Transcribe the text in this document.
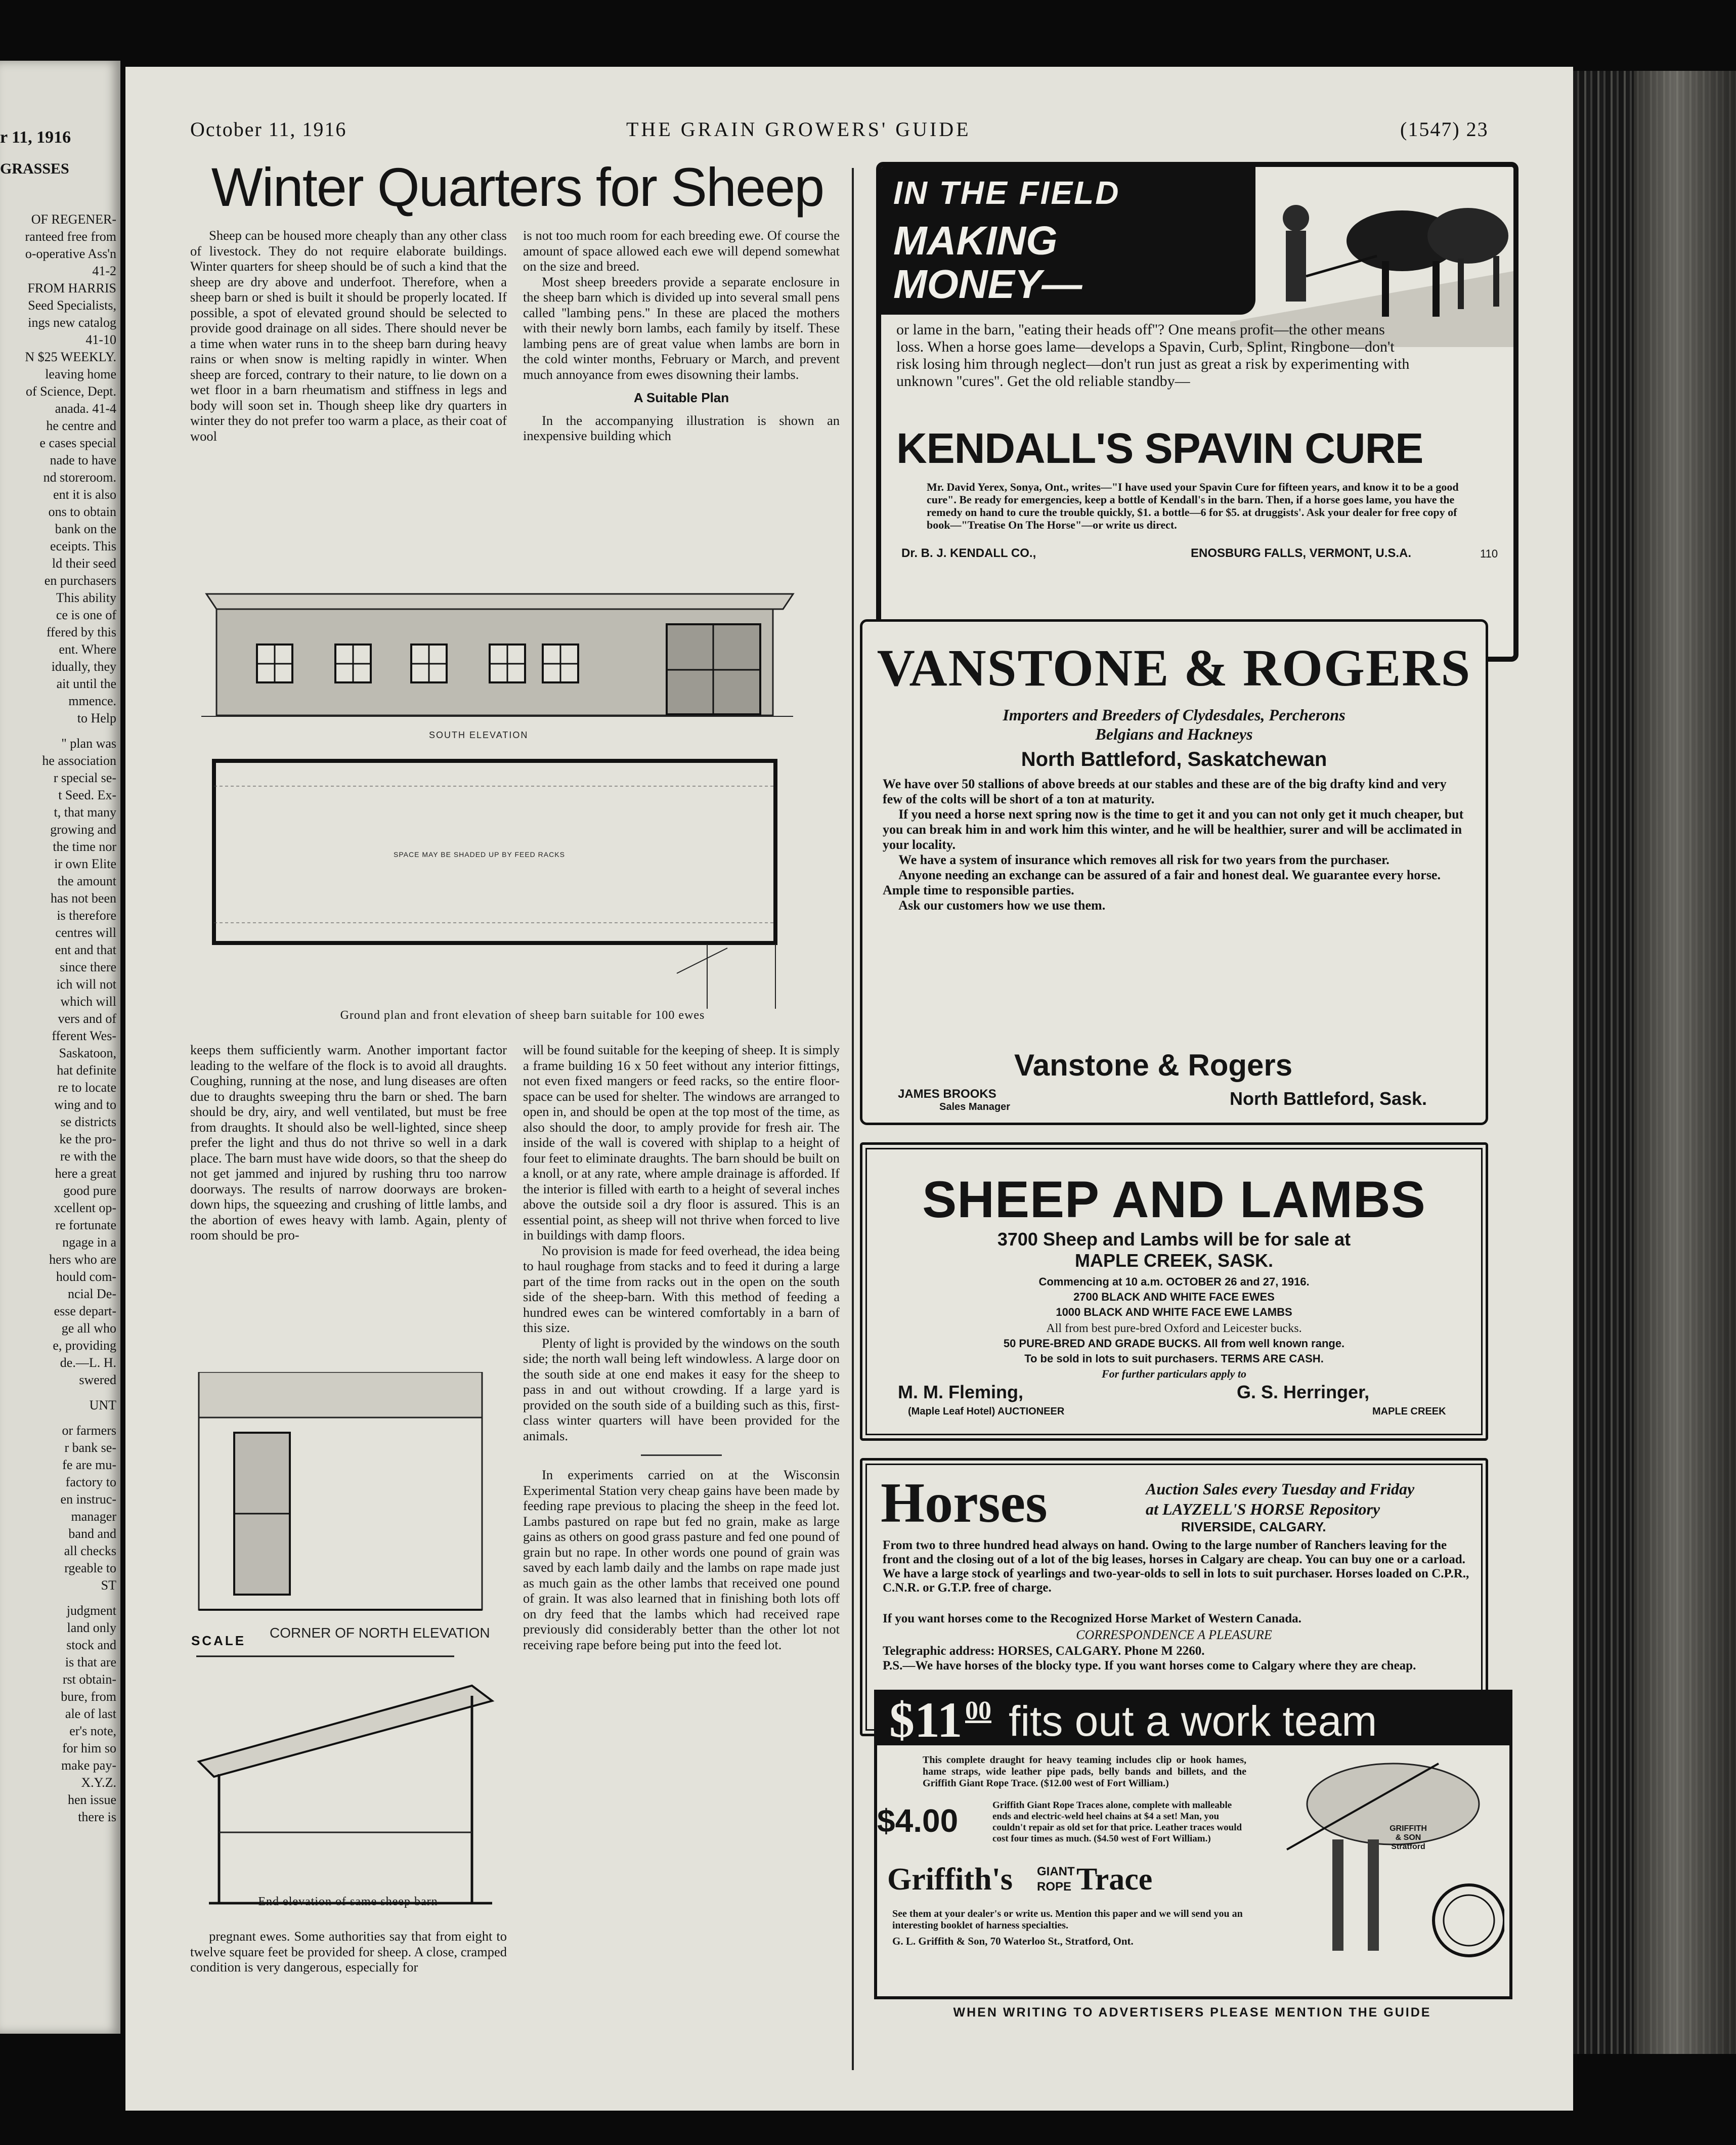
r 11, 1916
GRASSES
OF REGENER-
ranteed free from
o-operative Ass'n
41-2
FROM HARRIS
Seed Specialists,
ings new catalog
41-10
N $25 WEEKLY.
leaving home
of Science, Dept.
anada. 41-4
he centre and
e cases special
nade to have
nd storeroom.
ent it is also
ons to obtain
bank on the
eceipts. This
ld their seed
en purchasers
This ability
ce is one of
ffered by this
ent. Where
idually, they
ait until the
mmence.
to Help
" plan was
he association
r special se-
t Seed. Ex-
t, that many
growing and
the time nor
ir own Elite
the amount
has not been
is therefore
centres will
ent and that
since there
ich will not
which will
vers and of
fferent Wes-
Saskatoon,
hat definite
re to locate
wing and to
se districts
ke the pro-
re with the
here a great
good pure
xcellent op-
re fortunate
ngage in a
hers who are
hould com-
ncial De-
esse depart-
ge all who
e, providing
de.—L. H.
swered
UNT
or farmers
r bank se-
fe are mu-
factory to
en instruc-
manager
band and
all checks
rgeable to
ST
judgment
land only
stock and
is that are
rst obtain-
bure, from
ale of last
er's note,
for him so
make pay-
X.Y.Z.
hen issue
there is
October 11, 1916	THE GRAIN GROWERS' GUIDE	(1547) 23
Winter Quarters for Sheep

Sheep can be housed more cheaply than any other class of livestock. They do not require elaborate buildings. Winter quarters for sheep should be of such a kind that the sheep are dry above and underfoot. Therefore, when a sheep barn or shed is built it should be properly located. If possible, a spot of elevated ground should be selected to provide good drainage on all sides. There should never be a time when water runs in to the sheep barn during heavy rains or when snow is melting rapidly in winter. When sheep are forced, contrary to their nature, to lie down on a wet floor in a barn rheumatism and stiffness in legs and body will soon set in. Though sheep like dry quarters in winter they do not prefer too warm a place, as their coat of wool

is not too much room for each breeding ewe. Of course the amount of space allowed each ewe will depend somewhat on the size and breed.

Most sheep breeders provide a separate enclosure in the sheep barn which is divided up into several small pens called ''lambing pens.'' In these are placed the mothers with their newly born lambs, each family by itself. These lambing pens are of great value when lambs are born in the cold winter months, February or March, and prevent much annoyance from ewes disowning their lambs.

A Suitable Plan

In the accompanying illustration is shown an inexpensive building which

SOUTH ELEVATION
SPACE MAY BE SHADED UP BY FEED RACKS
Ground plan and front elevation of sheep barn suitable for 100 ewes

keeps them sufficiently warm. Another important factor leading to the welfare of the flock is to avoid all draughts. Coughing, running at the nose, and lung diseases are often due to draughts sweeping thru the barn or shed. The barn should be dry, airy, and well ventilated, but must be free from draughts. It should also be well-lighted, since sheep prefer the light and thus do not thrive so well in a dark place. The barn must have wide doors, so that the sheep do not get jammed and injured by rushing thru too narrow doorways. The results of narrow doorways are broken-down hips, the squeezing and crushing of little lambs, and the abortion of ewes heavy with lamb. Again, plenty of room should be pro-

CORNER OF NORTH ELEVATION
SCALE
End elevation of same sheep barn

pregnant ewes. Some authorities say that from eight to twelve square feet be provided for sheep. A close, cramped condition is very dangerous, especially for

will be found suitable for the keeping of sheep. It is simply a frame building 16 x 50 feet without any interior fittings, not even fixed mangers or feed racks, so the entire floor-space can be used for shelter. The windows are arranged to open in, and should be open at the top most of the time, as also should the door, to amply provide for fresh air. The inside of the wall is covered with shiplap to a height of four feet to eliminate draughts. The barn should be built on a knoll, or at any rate, where ample drainage is afforded. If the interior is filled with earth to a height of several inches above the outside soil a dry floor is assured. This is an essential point, as sheep will not thrive when forced to live in buildings with damp floors.

No provision is made for feed overhead, the idea being to haul roughage from stacks and to feed it during a large part of the time from racks out in the open on the south side of the sheep-barn. With this method of feeding a hundred ewes can be wintered comfortably in a barn of this size.

Plenty of light is provided by the windows on the south side; the north wall being left windowless. A large door on the south side at one end makes it easy for the sheep to pass in and out without crowding. If a large yard is provided on the south side of a building such as this, first-class winter quarters will have been provided for the animals.

In experiments carried on at the Wisconsin Experimental Station very cheap gains have been made by feeding rape previous to placing the sheep in the feed lot. Lambs pastured on rape but fed no grain, make as large gains as others on good grass pasture and fed one pound of grain but no rape. In other words one pound of grain was saved by each lamb daily and the lambs on rape made just as much gain as the other lambs that received one pound of grain. It was also learned that in finishing both lots off on dry feed that the lambs which had received rape previously did considerably better than the other lot not receiving rape before being put into the feed lot.

IN THE FIELD
MAKING
MONEY—
or lame in the barn, ''eating their heads off''? One means profit—the other means loss. When a horse goes lame—develops a Spavin, Curb, Splint, Ringbone—don't risk losing him through neglect—don't run just as great a risk by experimenting with unknown ''cures''. Get the old reliable standby—
KENDALL'S SPAVIN CURE
Mr. David Yerex, Sonya, Ont., writes—"I have used your Spavin Cure for fifteen years, and know it to be a good cure". Be ready for emergencies, keep a bottle of Kendall's in the barn. Then, if a horse goes lame, you have the remedy on hand to cure the trouble quickly, $1. a bottle—6 for $5. at druggists'. Ask your dealer for free copy of book—"Treatise On The Horse"—or write us direct.
Dr. B. J. KENDALL CO.,	ENOSBURG FALLS, VERMONT, U.S.A.	110
VANSTONE & ROGERS
Importers and Breeders of Clydesdales, Percherons
Belgians and Hackneys
North Battleford, Saskatchewan
We have over 50 stallions of above breeds at our stables and these are of the big drafty kind and very few of the colts will be short of a ton at maturity.
If you need a horse next spring now is the time to get it and you can not only get it much cheaper, but you can break him in and work him this winter, and he will be healthier, surer and will be acclimated in your locality.
We have a system of insurance which removes all risk for two years from the purchaser.
Anyone needing an exchange can be assured of a fair and honest deal. We guarantee every horse. Ample time to responsible parties.
Ask our customers how we use them.
Vanstone & Rogers
JAMES BROOKS
Sales Manager	North Battleford, Sask.
SHEEP AND LAMBS
3700 Sheep and Lambs will be for sale at
MAPLE CREEK, SASK.
Commencing at 10 a.m. OCTOBER 26 and 27, 1916.
2700 BLACK AND WHITE FACE EWES
1000 BLACK AND WHITE FACE EWE LAMBS
All from best pure-bred Oxford and Leicester bucks.
50 PURE-BRED AND GRADE BUCKS. All from well known range.
To be sold in lots to suit purchasers. TERMS ARE CASH.
For further particulars apply to
M. M. Fleming,	G. S. Herringer,
(Maple Leaf Hotel) AUCTIONEER	MAPLE CREEK
Horses	Auction Sales every Tuesday and Friday
at LAYZELL'S HORSE Repository
RIVERSIDE, CALGARY.
From two to three hundred head always on hand. Owing to the large number of Ranchers leaving for the front and the closing out of a lot of the big leases, horses in Calgary are cheap. You can buy one or a carload. We have a large stock of yearlings and two-year-olds to sell in lots to suit purchaser. Horses loaded on C.P.R., C.N.R. or G.T.P. free of charge.
If you want horses come to the Recognized Horse Market of Western Canada.
CORRESPONDENCE A PLEASURE
Telegraphic address: HORSES, CALGARY. Phone M 2260.
P.S.—We have horses of the blocky type. If you want horses come to Calgary where they are cheap.
$11 00 fits out a work team
This complete draught for heavy teaming includes clip or hook hames, hame straps, wide leather pipe pads, belly bands and billets, and the Griffith Giant Rope Trace. ($12.00 west of Fort William.)
$4.00	Griffith Giant Rope Traces alone, complete with malleable ends and electric-weld heel chains at $4 a set! Man, you couldn't repair as old set for that price. Leather traces would cost four times as much. ($4.50 west of Fort William.)
Griffith's GIANT
ROPE Trace
See them at your dealer's or write us. Mention this paper and we will send you an interesting booklet of harness specialties.
G. L. Griffith & Son, 70 Waterloo St., Stratford, Ont.
GRIFFITH
& SON
Stratford
WHEN WRITING TO ADVERTISERS PLEASE MENTION THE GUIDE
